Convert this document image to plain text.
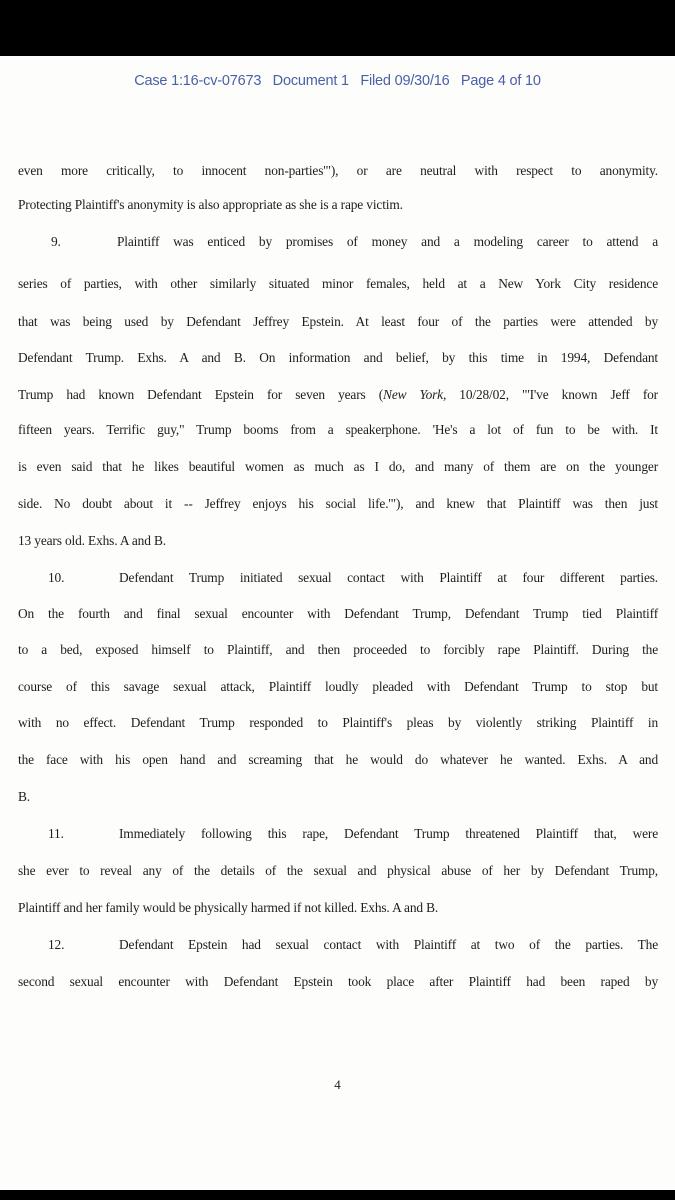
Case 1:16-cv-07673   Document 1   Filed 09/30/16   Page 4 of 10
even more critically, to innocent non-parties'"), or are neutral with respect to anonymity.
Protecting Plaintiff's anonymity is also appropriate as she is a rape victim.
9.	Plaintiff was enticed by promises of money and a modeling career to attend a
series of parties, with other similarly situated minor females, held at a New York City residence
that was being used by Defendant Jeffrey Epstein. At least four of the parties were attended by
Defendant Trump. Exhs. A and B. On information and belief, by this time in 1994, Defendant
Trump had known Defendant Epstein for seven years (New York, 10/28/02, "'I've known Jeff for
fifteen years. Terrific guy," Trump booms from a speakerphone. 'He's a lot of fun to be with. It
is even said that he likes beautiful women as much as I do, and many of them are on the younger
side. No doubt about it -- Jeffrey enjoys his social life.'"), and knew that Plaintiff was then just
13 years old. Exhs. A and B.
10.	Defendant Trump initiated sexual contact with Plaintiff at four different parties.
On the fourth and final sexual encounter with Defendant Trump, Defendant Trump tied Plaintiff
to a bed, exposed himself to Plaintiff, and then proceeded to forcibly rape Plaintiff. During the
course of this savage sexual attack, Plaintiff loudly pleaded with Defendant Trump to stop but
with no effect. Defendant Trump responded to Plaintiff's pleas by violently striking Plaintiff in
the face with his open hand and screaming that he would do whatever he wanted. Exhs. A and
B.
11.	Immediately following this rape, Defendant Trump threatened Plaintiff that, were
she ever to reveal any of the details of the sexual and physical abuse of her by Defendant Trump,
Plaintiff and her family would be physically harmed if not killed. Exhs. A and B.
12.	Defendant Epstein had sexual contact with Plaintiff at two of the parties. The
second sexual encounter with Defendant Epstein took place after Plaintiff had been raped by
4
